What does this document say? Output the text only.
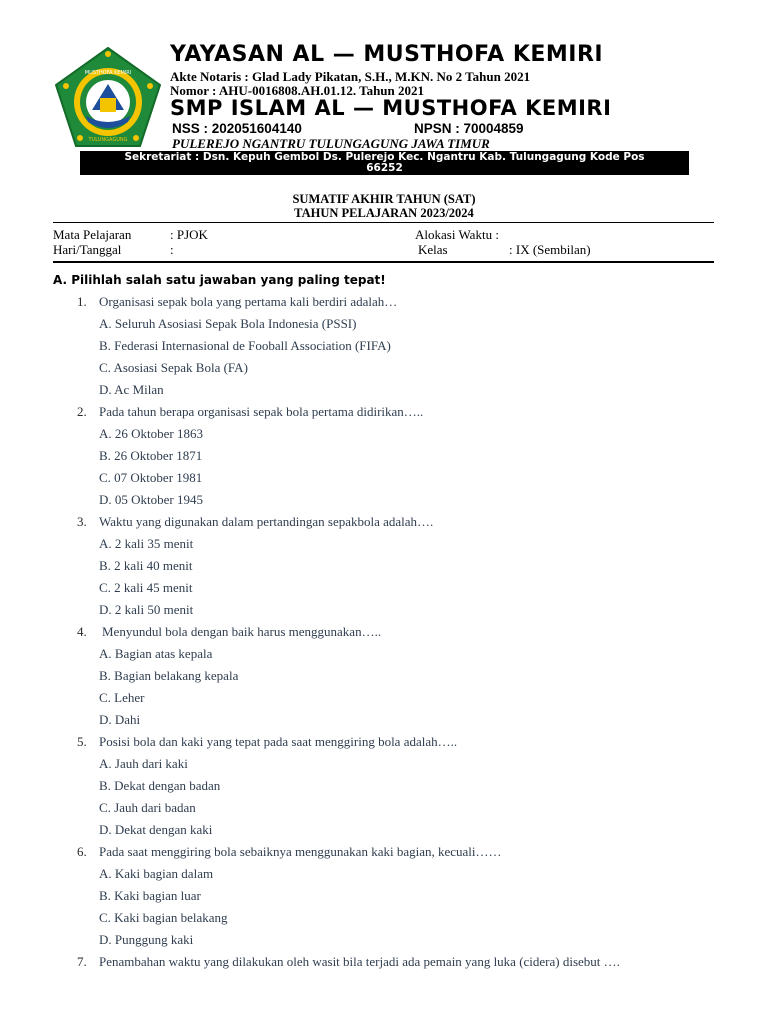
MUSTHOFA KEMIRI
TULUNGAGUNG
YAYASAN AL — MUSTHOFA KEMIRI
Akte Notaris : Glad Lady Pikatan, S.H., M.KN. No 2 Tahun 2021
Nomor : AHU-0016808.AH.01.12. Tahun 2021
SMP ISLAM AL — MUSTHOFA KEMIRI
NSS : 202051604140	NPSN : 70004859
PULEREJO NGANTRU TULUNGAGUNG JAWA TIMUR
Sekretariat : Dsn. Kepuh Gembol Ds. Pulerejo Kec. Ngantru Kab. Tulungagung Kode Pos
66252
SUMATIF AKHIR TAHUN (SAT)
TAHUN PELAJARAN 2023/2024
Mata Pelajaran	: PJOK	Alokasi Waktu :
Hari/Tanggal	:	Kelas	: IX (Sembilan)
A. Pilihlah salah satu jawaban yang paling tepat!
1. Organisasi sepak bola yang pertama kali berdiri adalah…
A. Seluruh Asosiasi Sepak Bola Indonesia (PSSI)
B. Federasi Internasional de Fooball Association (FIFA)
C. Asosiasi Sepak Bola (FA)
D. Ac Milan
2. Pada tahun berapa organisasi sepak bola pertama didirikan…..
A. 26 Oktober 1863
B. 26 Oktober 1871
C. 07 Oktober 1981
D. 05 Oktober 1945
3. Waktu yang digunakan dalam pertandingan sepakbola adalah….
A. 2 kali 35 menit
B. 2 kali 40 menit
C. 2 kali 45 menit
D. 2 kali 50 menit
4. Menyundul bola dengan baik harus menggunakan…..
A. Bagian atas kepala
B. Bagian belakang kepala
C. Leher
D. Dahi
5. Posisi bola dan kaki yang tepat pada saat menggiring bola adalah…..
A. Jauh dari kaki
B. Dekat dengan badan
C. Jauh dari badan
D. Dekat dengan kaki
6. Pada saat menggiring bola sebaiknya menggunakan kaki bagian, kecuali……
A. Kaki bagian dalam
B. Kaki bagian luar
C. Kaki bagian belakang
D. Punggung kaki
7. Penambahan waktu yang dilakukan oleh wasit bila terjadi ada pemain yang luka (cidera) disebut ….
